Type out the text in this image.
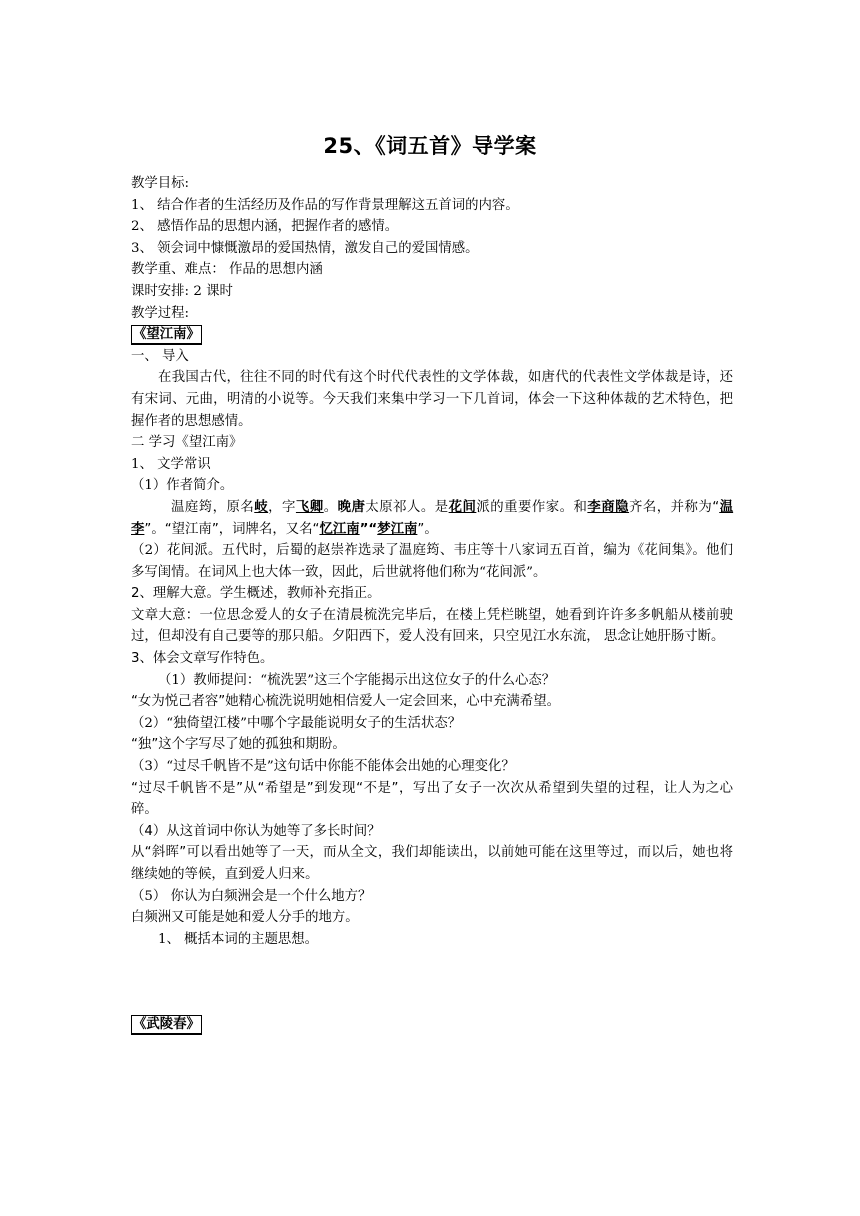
25、《词五首》导学案
教学目标:
1、 结合作者的生活经历及作品的写作背景理解这五首词的内容。
2、 感悟作品的思想内涵，把握作者的感情。
3、 领会词中慷慨激昂的爱国热情，激发自己的爱国情感。
教学重、难点： 作品的思想内涵
课时安排: 2 课时
教学过程:
《望江南》
一、 导入
在我国古代，往往不同的时代有这个时代代表性的文学体裁，如唐代的代表性文学体裁是诗，还有宋词、元曲，明清的小说等。今天我们来集中学习一下几首词，体会一下这种体裁的艺术特色，把握作者的思想感情。
二 学习《望江南》
1、 文学常识
（1）作者简介。
温庭筠，原名岐，字飞卿。晚唐太原祁人。是花间派的重要作家。和李商隐齐名，并称为“温李”。“望江南”，词牌名，又名“忆江南”“梦江南”。
（2）花间派。五代时，后蜀的赵崇祚选录了温庭筠、韦庄等十八家词五百首，编为《花间集》。他们多写闺情。在词风上也大体一致，因此，后世就将他们称为“花间派”。
2、理解大意。学生概述，教师补充指正。
文章大意：一位思念爱人的女子在清晨梳洗完毕后，在楼上凭栏眺望，她看到许许多多帆船从楼前驶过，但却没有自己要等的那只船。夕阳西下，爱人没有回来，只空见江水东流， 思念让她肝肠寸断。
3、体会文章写作特色。
（1）教师提问：“梳洗罢”这三个字能揭示出这位女子的什么心态？
“女为悦己者容”她精心梳洗说明她相信爱人一定会回来，心中充满希望。
（2）“独倚望江楼”中哪个字最能说明女子的生活状态？
“独”这个字写尽了她的孤独和期盼。
（3）“过尽千帆皆不是”这句话中你能不能体会出她的心理变化？
“过尽千帆皆不是”从“希望是”到发现“不是”，写出了女子一次次从希望到失望的过程，让人为之心碎。
（4）从这首词中你认为她等了多长时间？
从“斜晖”可以看出她等了一天，而从全文，我们却能读出，以前她可能在这里等过，而以后，她也将继续她的等候，直到爱人归来。
（5） 你认为白频洲会是一个什么地方？
白频洲又可能是她和爱人分手的地方。
1、 概括本词的主题思想。
《武陵春》
